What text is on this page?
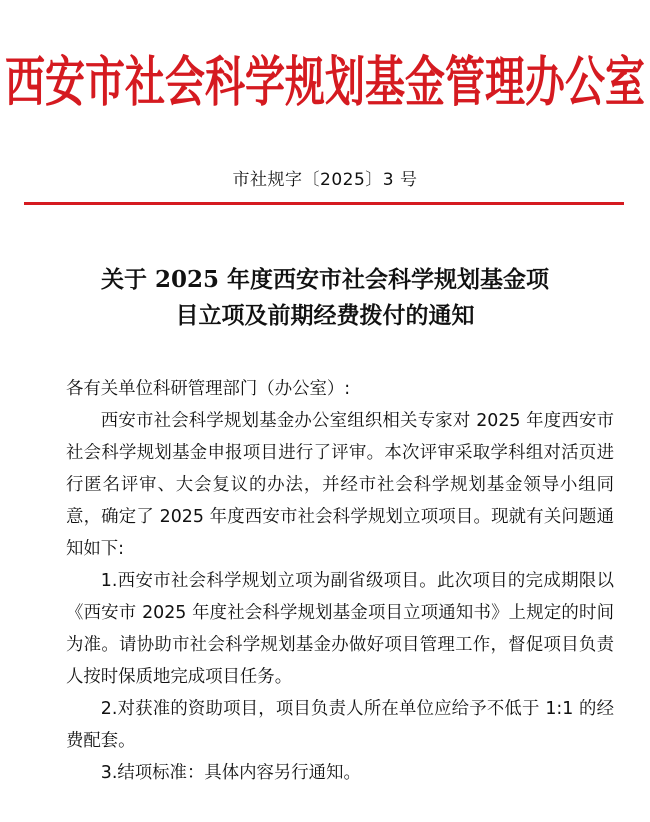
西安市社会科学规划基金管理办公室
市社规字〔2025〕3 号
关于 2025 年度西安市社会科学规划基金项
目立项及前期经费拨付的通知

各有关单位科研管理部门（办公室）:

西安市社会科学规划基金办公室组织相关专家对 2025 年度西安市社会科学规划基金申报项目进行了评审。本次评审采取学科组对活页进行匿名评审、大会复议的办法，并经市社会科学规划基金领导小组同意，确定了 2025 年度西安市社会科学规划立项项目。现就有关问题通知如下:

1.西安市社会科学规划立项为副省级项目。此次项目的完成期限以《西安市 2025 年度社会科学规划基金项目立项通知书》上规定的时间为准。请协助市社会科学规划基金办做好项目管理工作，督促项目负责人按时保质地完成项目任务。

2.对获准的资助项目，项目负责人所在单位应给予不低于 1:1 的经费配套。

3.结项标准：具体内容另行通知。
